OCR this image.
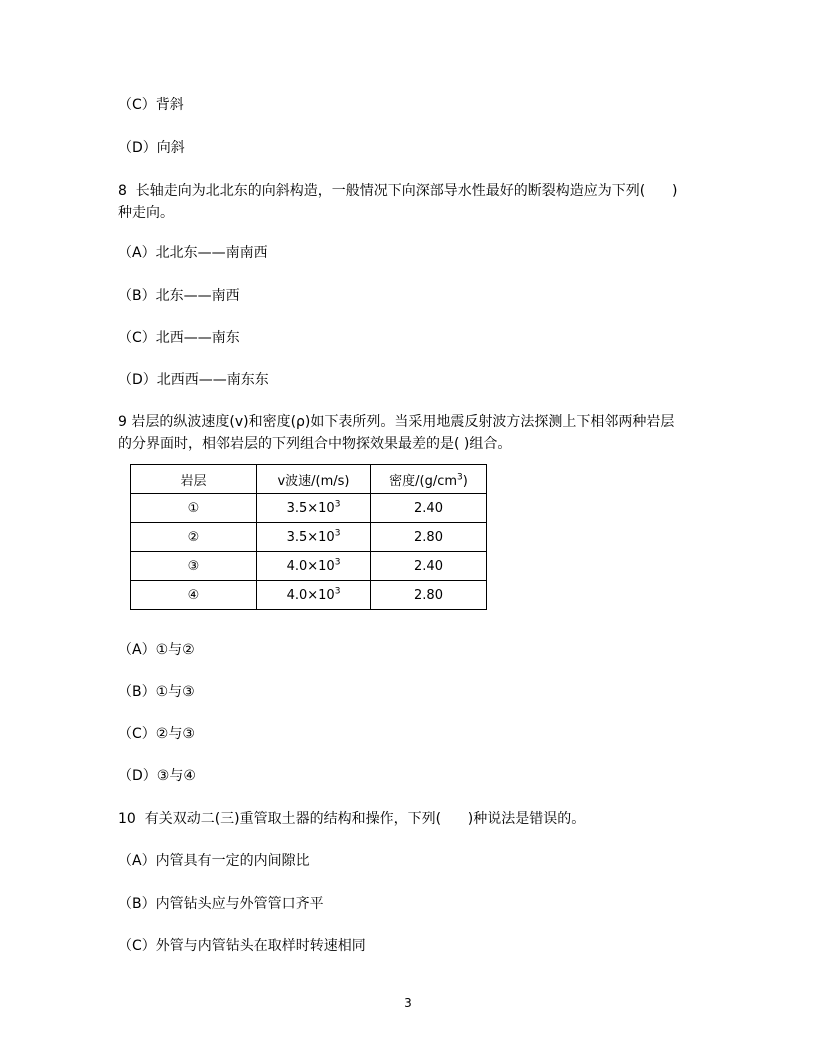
（C）背斜
（D）向斜
8  长轴走向为北北东的向斜构造，一般情况下向深部导水性最好的断裂构造应为下列(      )
种走向。
（A）北北东——南南西
（B）北东——南西
（C）北西——南东
（D）北西西——南东东
9 岩层的纵波速度(v)和密度(ρ)如下表所列。当采用地震反射波方法探测上下相邻两种岩层
的分界面时，相邻岩层的下列组合中物探效果最差的是( )组合。
岩层	v波速/(m/s)	密度$/(g/cm^3)$
①	$3.5\times 10^3$	2.40
②	$3.5\times 10^3$	2.80
③	$4.0\times 10^3$	2.40
④	$4.0\times 10^3$	2.80
（A）①与②
（B）①与③
（C）②与③
（D）③与④
10  有关双动二(三)重管取土器的结构和操作，下列(      )种说法是错误的。
（A）内管具有一定的内间隙比
（B）内管钻头应与外管管口齐平
（C）外管与内管钻头在取样时转速相同
3
